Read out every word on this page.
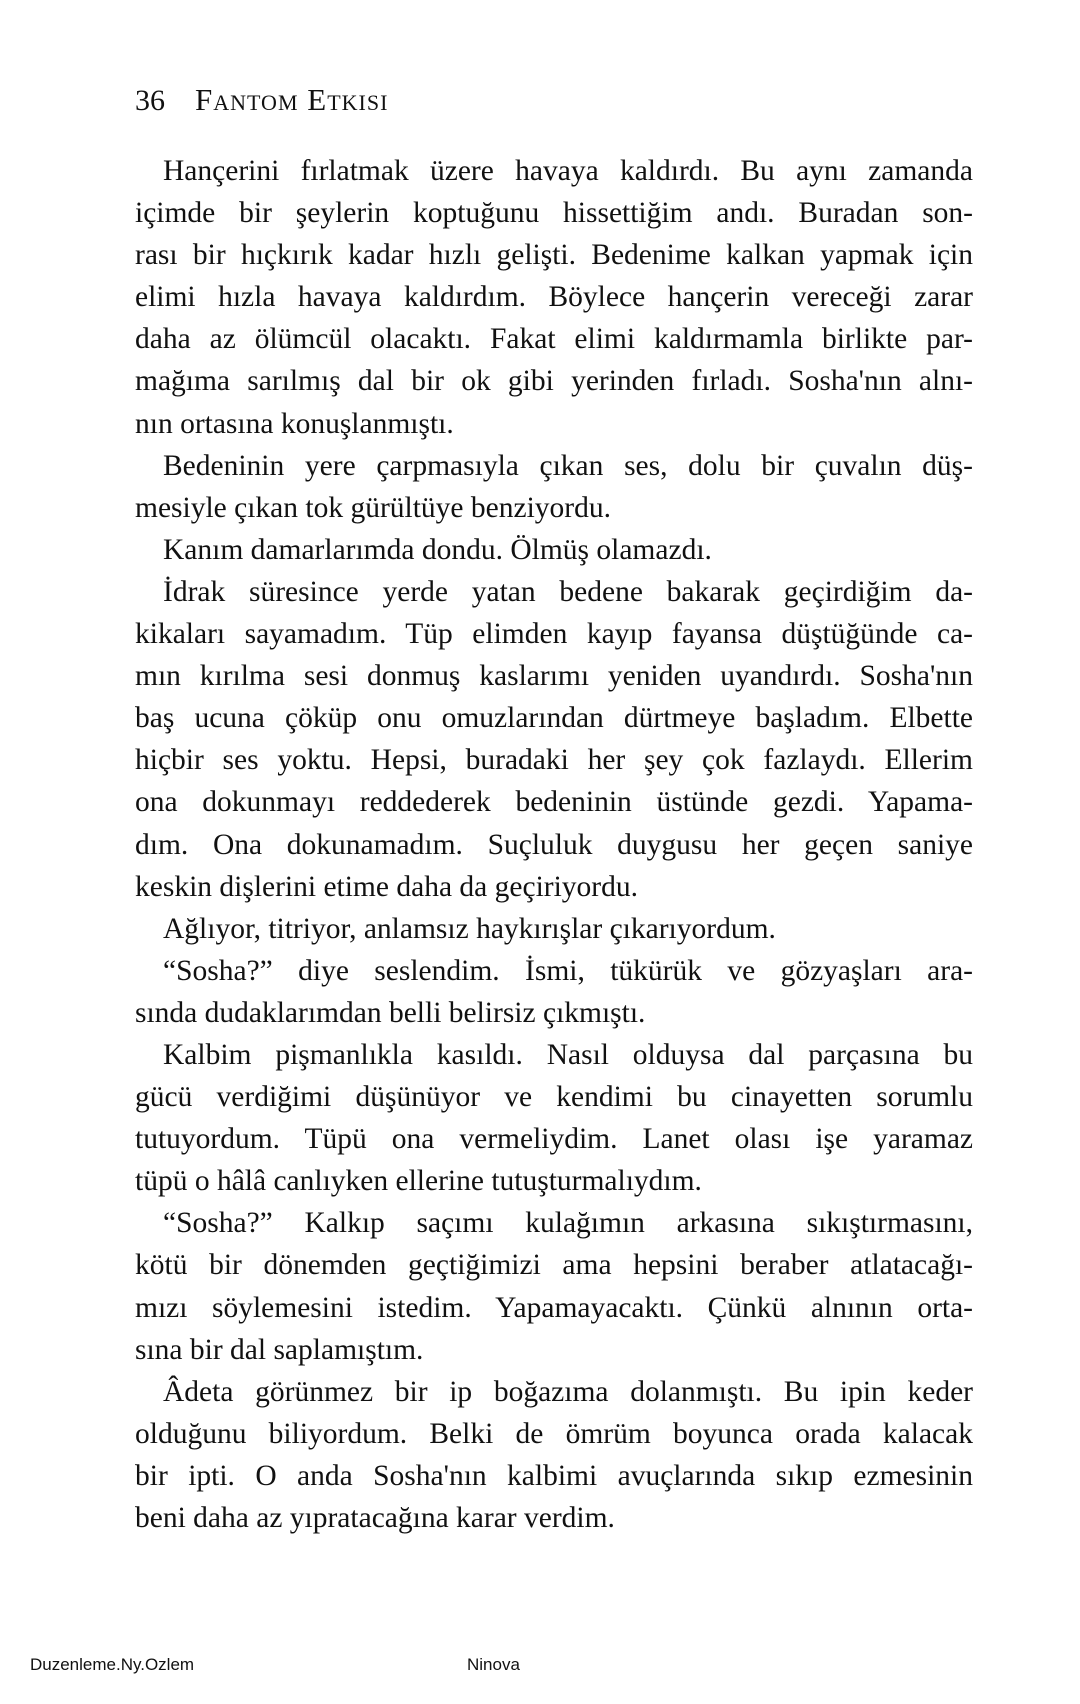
36 Fantom Etkisi
Hançerini fırlatmak üzere havaya kaldırdı. Bu aynı zamanda
içimde bir şeylerin koptuğunu hissettiğim andı. Buradan son-
rası bir hıçkırık kadar hızlı gelişti. Bedenime kalkan yapmak için
elimi hızla havaya kaldırdım. Böylece hançerin vereceği zarar
daha az ölümcül olacaktı. Fakat elimi kaldırmamla birlikte par-
mağıma sarılmış dal bir ok gibi yerinden fırladı. Sosha'nın alnı-
nın ortasına konuşlanmıştı.
Bedeninin yere çarpmasıyla çıkan ses, dolu bir çuvalın düş-
mesiyle çıkan tok gürültüye benziyordu.
Kanım damarlarımda dondu. Ölmüş olamazdı.
İdrak süresince yerde yatan bedene bakarak geçirdiğim da-
kikaları sayamadım. Tüp elimden kayıp fayansa düştüğünde ca-
mın kırılma sesi donmuş kaslarımı yeniden uyandırdı. Sosha'nın
baş ucuna çöküp onu omuzlarından dürtmeye başladım. Elbette
hiçbir ses yoktu. Hepsi, buradaki her şey çok fazlaydı. Ellerim
ona dokunmayı reddederek bedeninin üstünde gezdi. Yapama-
dım. Ona dokunamadım. Suçluluk duygusu her geçen saniye
keskin dişlerini etime daha da geçiriyordu.
Ağlıyor, titriyor, anlamsız haykırışlar çıkarıyordum.
“Sosha?” diye seslendim. İsmi, tükürük ve gözyaşları ara-
sında dudaklarımdan belli belirsiz çıkmıştı.
Kalbim pişmanlıkla kasıldı. Nasıl olduysa dal parçasına bu
gücü verdiğimi düşünüyor ve kendimi bu cinayetten sorumlu
tutuyordum. Tüpü ona vermeliydim. Lanet olası işe yaramaz
tüpü o hâlâ canlıyken ellerine tutuşturmalıydım.
“Sosha?” Kalkıp saçımı kulağımın arkasına sıkıştırmasını,
kötü bir dönemden geçtiğimizi ama hepsini beraber atlatacağı-
mızı söylemesini istedim. Yapamayacaktı. Çünkü alnının orta-
sına bir dal saplamıştım.
Âdeta görünmez bir ip boğazıma dolanmıştı. Bu ipin keder
olduğunu biliyordum. Belki de ömrüm boyunca orada kalacak
bir ipti. O anda Sosha'nın kalbimi avuçlarında sıkıp ezmesinin
beni daha az yıpratacağına karar verdim.
Duzenleme.Ny.Ozlem	Ninova
